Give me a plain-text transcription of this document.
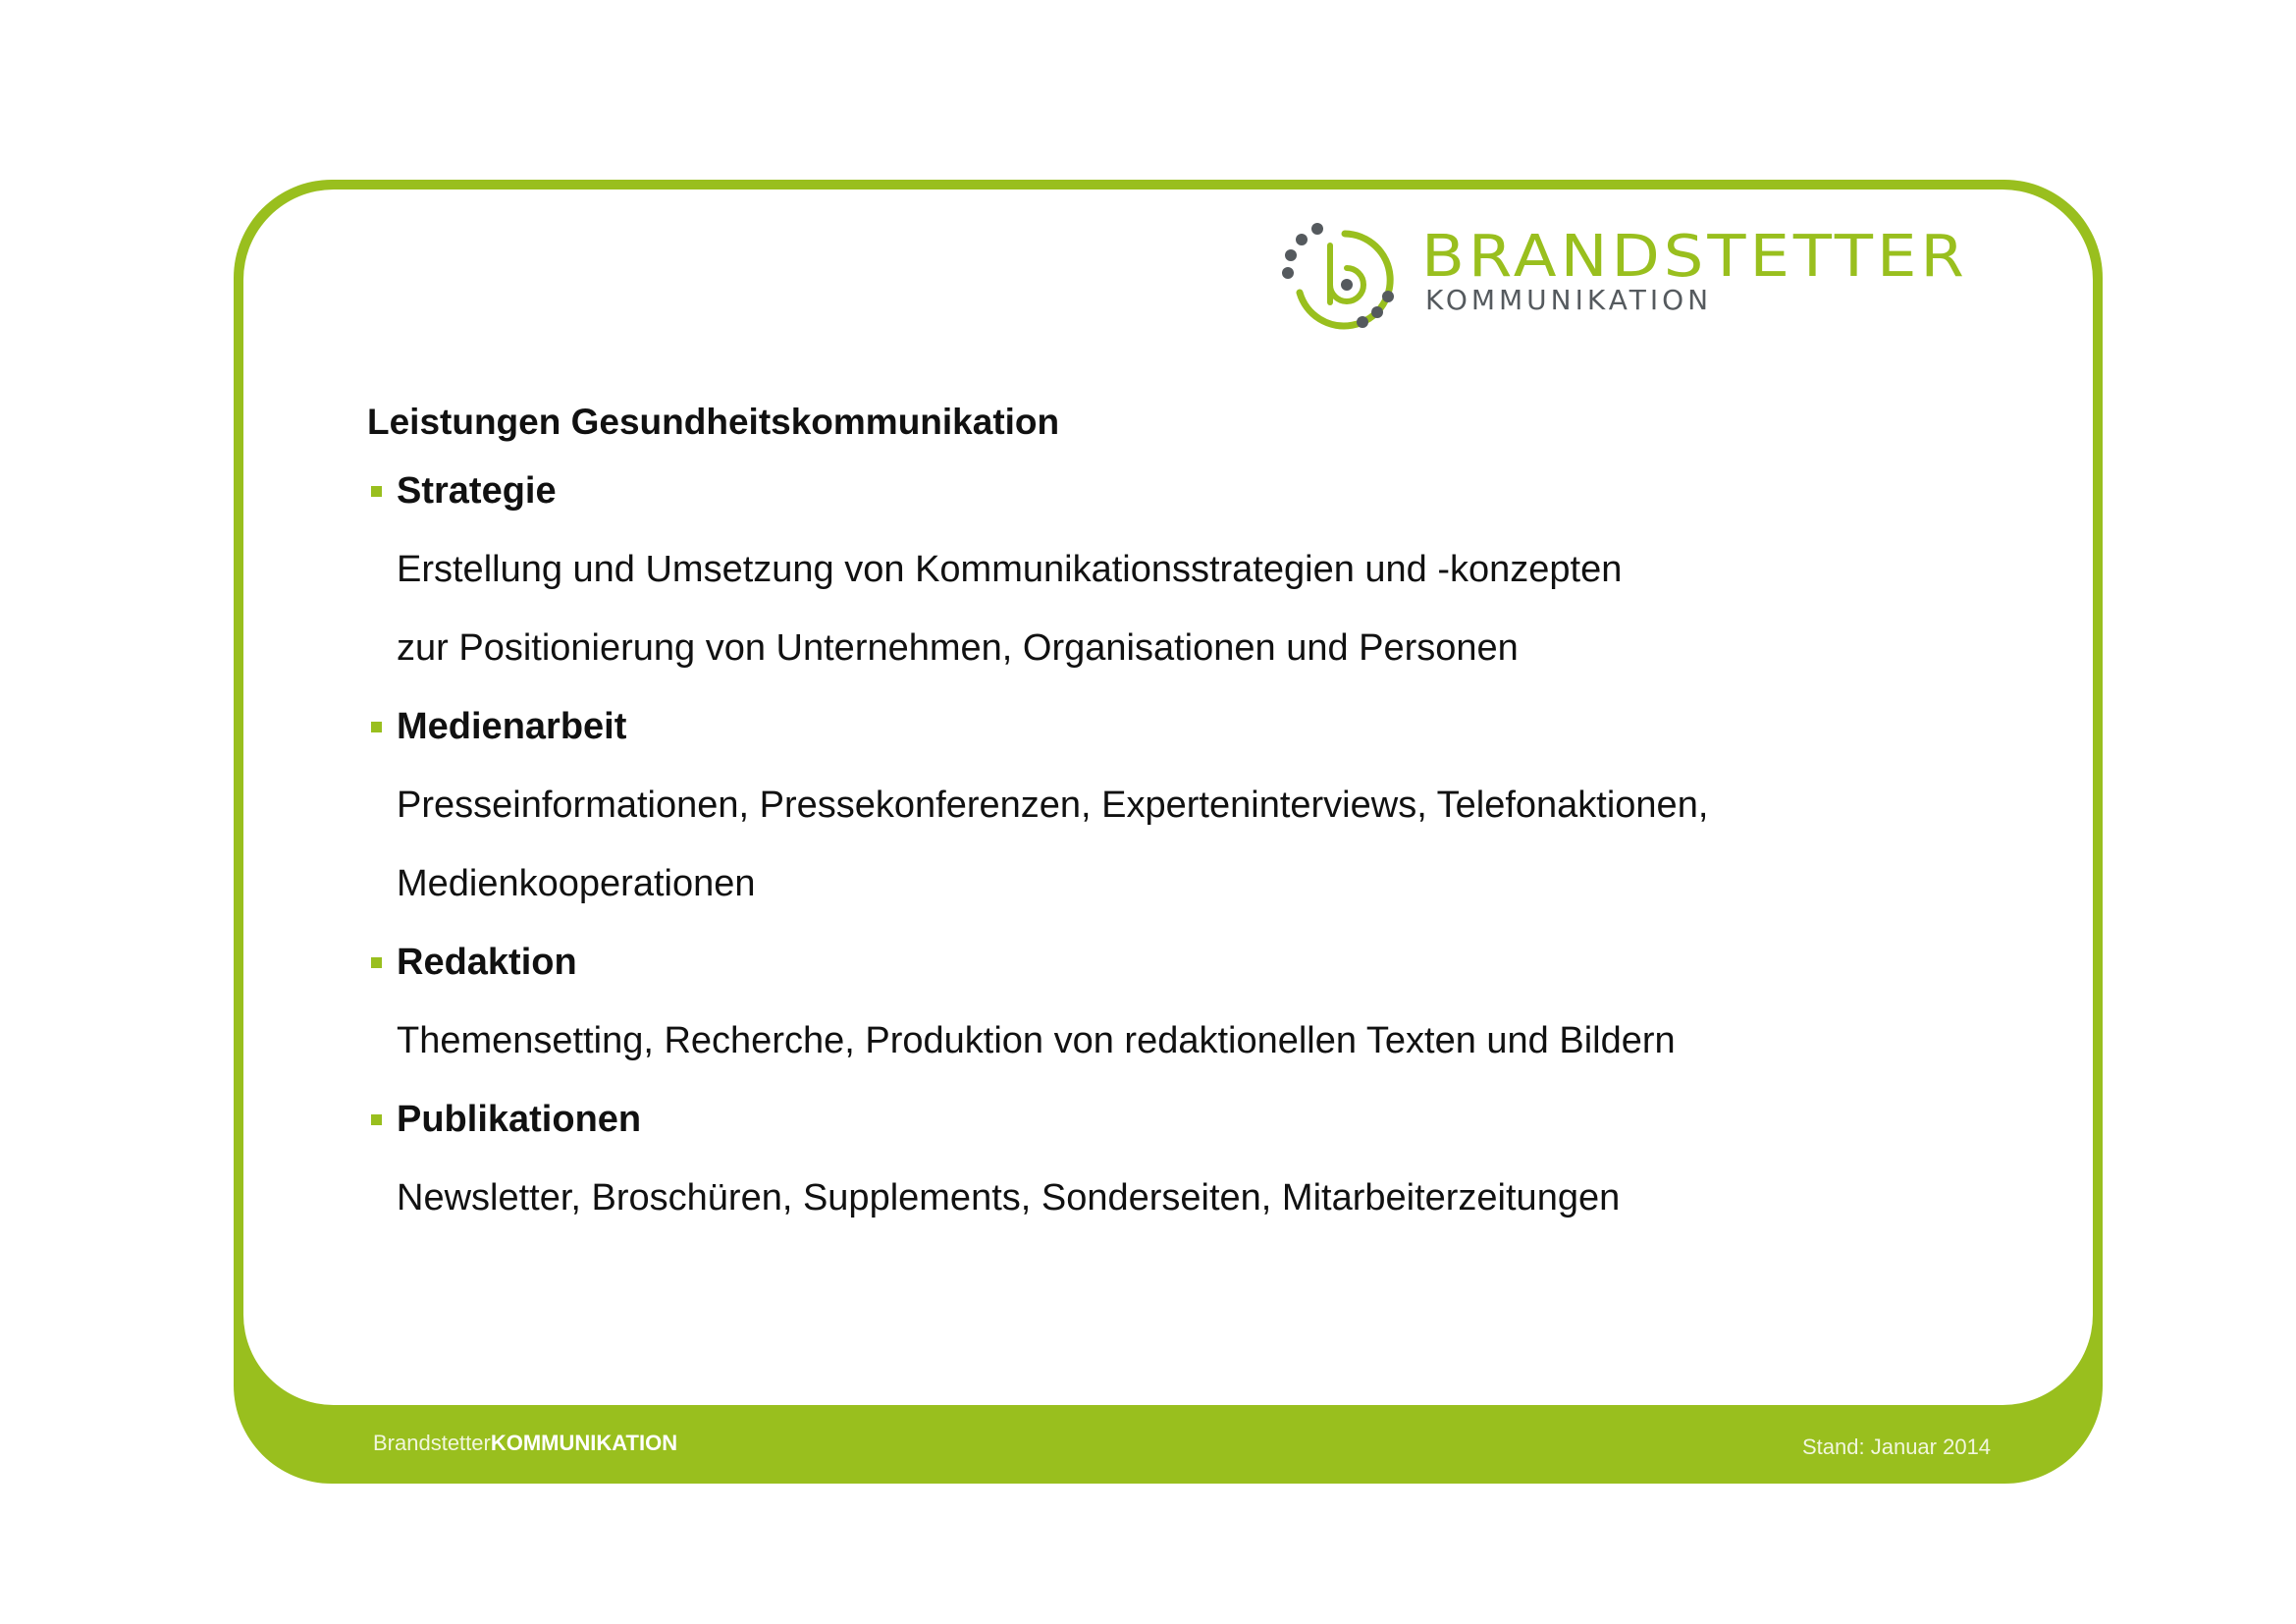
BRANDSTETTER
KOMMUNIKATION
Leistungen Gesundheitskommunikation
Strategie
Erstellung und Umsetzung von Kommunikationsstrategien und -konzepten
zur Positionierung von Unternehmen, Organisationen und Personen
Medienarbeit
Presseinformationen, Pressekonferenzen, Experteninterviews, Telefonaktionen,
Medienkooperationen
Redaktion
Themensetting, Recherche, Produktion von redaktionellen Texten und Bildern
Publikationen
Newsletter, Broschüren, Supplements, Sonderseiten, Mitarbeiterzeitungen
BrandstetterKOMMUNIKATION	Stand: Januar 2014
